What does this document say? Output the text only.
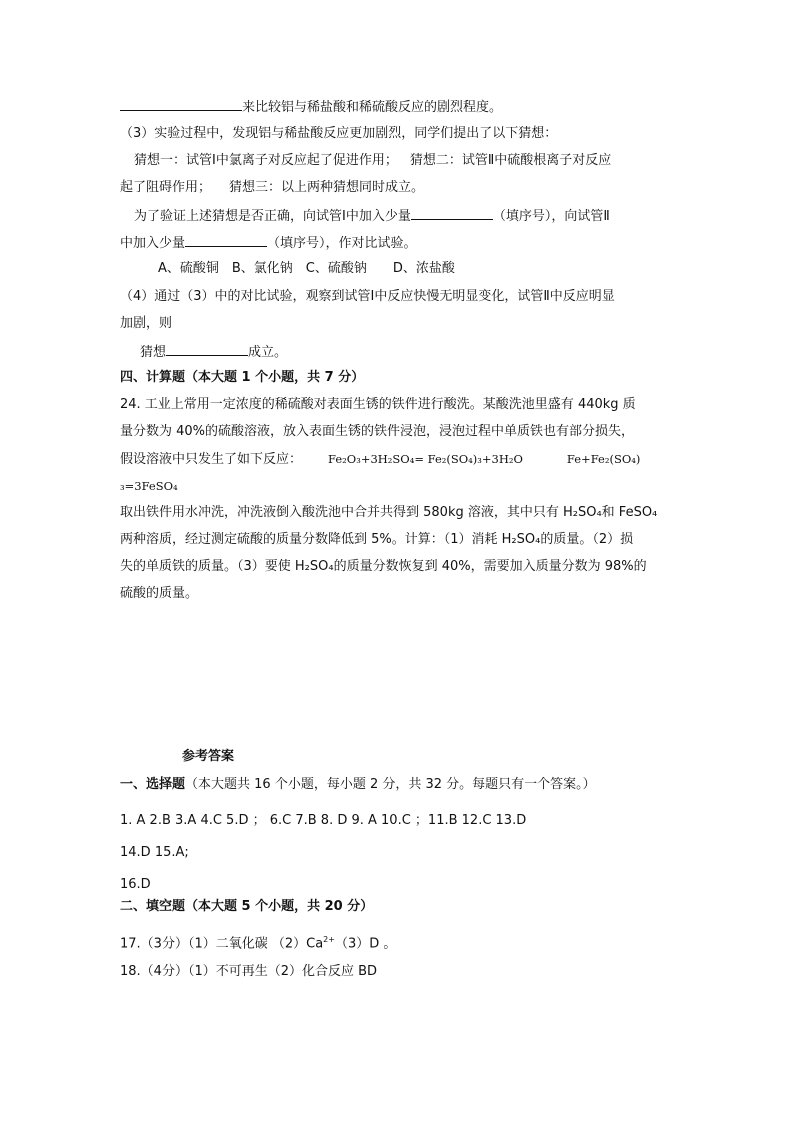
来比较铝与稀盐酸和稀硫酸反应的剧烈程度。
（3）实验过程中，发现铝与稀盐酸反应更加剧烈，同学们提出了以下猜想：
猜想一：试管Ⅰ中氯离子对反应起了促进作用； 猜想二：试管Ⅱ中硫酸根离子对反应
起了阻碍作用； 猜想三：以上两种猜想同时成立。
为了验证上述猜想是否正确，向试管Ⅰ中加入少量	（填序号），向试管Ⅱ
中加入少量	（填序号），作对比试验。
A、硫酸铜　B、氯化钠　C、硫酸钠　　D、浓盐酸
（4）通过（3）中的对比试验，观察到试管Ⅰ中反应快慢无明显变化，试管Ⅱ中反应明显
加剧，则
猜想	成立。
四、计算题（本大题 1 个小题，共 7 分）
24. 工业上常用一定浓度的稀硫酸对表面生锈的铁件进行酸洗。某酸洗池里盛有 440kg 质
量分数为 40%的硫酸溶液，放入表面生锈的铁件浸泡，浸泡过程中单质铁也有部分损失，
假设溶液中只发生了如下反应： Fe₂O₃+3H₂SO₄= Fe₂(SO₄)₃+3H₂O	Fe+Fe₂(SO₄)
₃=3FeSO₄
取出铁件用水冲洗，冲洗液倒入酸洗池中合并共得到 580kg 溶液，其中只有 H₂SO₄和 FeSO₄
两种溶质，经过测定硫酸的质量分数降低到 5%。计算：（1）消耗 H₂SO₄的质量。（2）损
失的单质铁的质量。（3）要使 H₂SO₄的质量分数恢复到 40%，需要加入质量分数为 98%的
硫酸的质量。
参考答案
一、选择题（本大题共 16 个小题，每小题 2 分，共 32 分。每题只有一个答案。）
1. A 2.B 3.A 4.C 5.D ； 6.C 7.B 8. D 9. A 10.C ；11.B 12.C 13.D
14.D 15.A;
16.D
二、填空题（本大题 5 个小题，共 20 分）
17.（3分）（1）二氧化碳 $(2)Ca^{2+}(3)D$ 。
18.（4分）（1）不可再生（2）化合反应 BD
